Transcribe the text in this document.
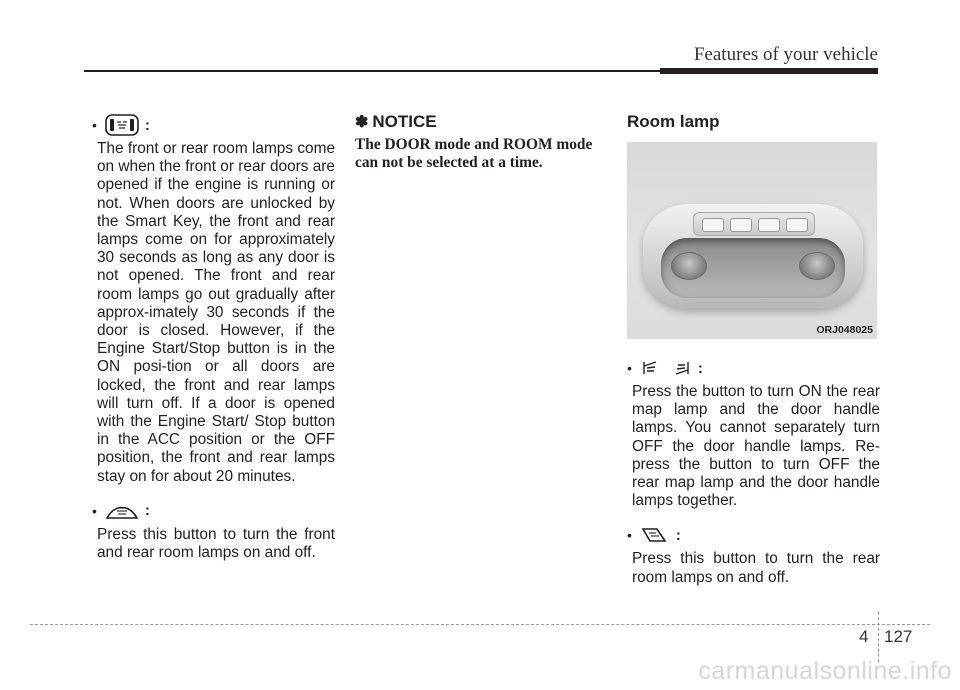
Features of your vehicle
•	:

The front or rear room lamps come on when the front or rear doors are opened if the engine is running or not. When doors are unlocked by the Smart Key, the front and rear lamps come on for approximately 30 seconds as long as any door is not opened. The front and rear room lamps go out gradually after approx-imately 30 seconds if the door is closed. However, if the Engine Start/Stop button is in the ON posi-tion or all doors are locked, the front and rear lamps will turn off. If a door is opened with the Engine Start/ Stop button in the ACC position or the OFF position, the front and rear lamps stay on for about 20 minutes.

•	:

Press this button to turn the front and rear room lamps on and off.

✽ NOTICE

The DOOR mode and ROOM mode can not be selected at a time.

Room lamp
ORJ048025
•	:

Press the button to turn ON the rear map lamp and the door handle lamps. You cannot separately turn OFF the door handle lamps. Re-press the button to turn OFF the rear map lamp and the door handle lamps together.

•	:

Press this button to turn the rear room lamps on and off.

4 127
carmanualsonline.info
